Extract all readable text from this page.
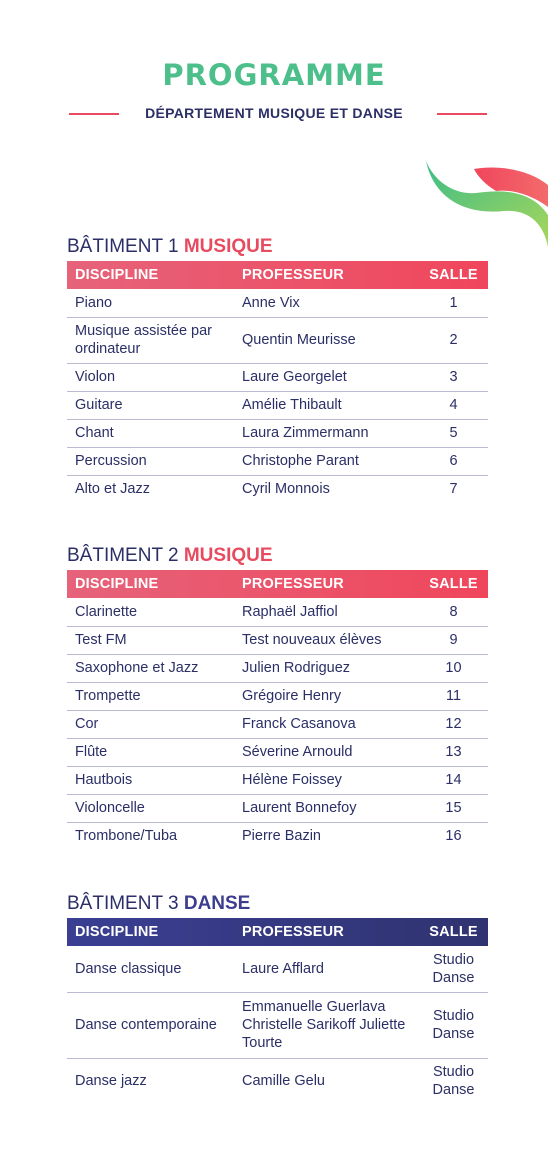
PROGRAMME
DÉPARTEMENT MUSIQUE ET DANSE
BÂTIMENT 1 MUSIQUE
DISCIPLINE	PROFESSEUR	SALLE
Piano	Anne Vix	1
Musique assistée par ordinateur	Quentin Meurisse	2
Violon	Laure Georgelet	3
Guitare	Amélie Thibault	4
Chant	Laura Zimmermann	5
Percussion	Christophe Parant	6
Alto et Jazz	Cyril Monnois	7
BÂTIMENT 2 MUSIQUE
DISCIPLINE	PROFESSEUR	SALLE
Clarinette	Raphaël Jaffiol	8
Test FM	Test nouveaux élèves	9
Saxophone et Jazz	Julien Rodriguez	10
Trompette	Grégoire Henry	11
Cor	Franck Casanova	12
Flûte	Séverine Arnould	13
Hautbois	Hélène Foissey	14
Violoncelle	Laurent Bonnefoy	15
Trombone/Tuba	Pierre Bazin	16
BÂTIMENT 3 DANSE
DISCIPLINE	PROFESSEUR	SALLE
Danse classique	Laure Afflard	Studio Danse
Danse contemporaine	Emmanuelle Guerlava Christelle Sarikoff Juliette Tourte	Studio Danse
Danse jazz	Camille Gelu	Studio Danse
